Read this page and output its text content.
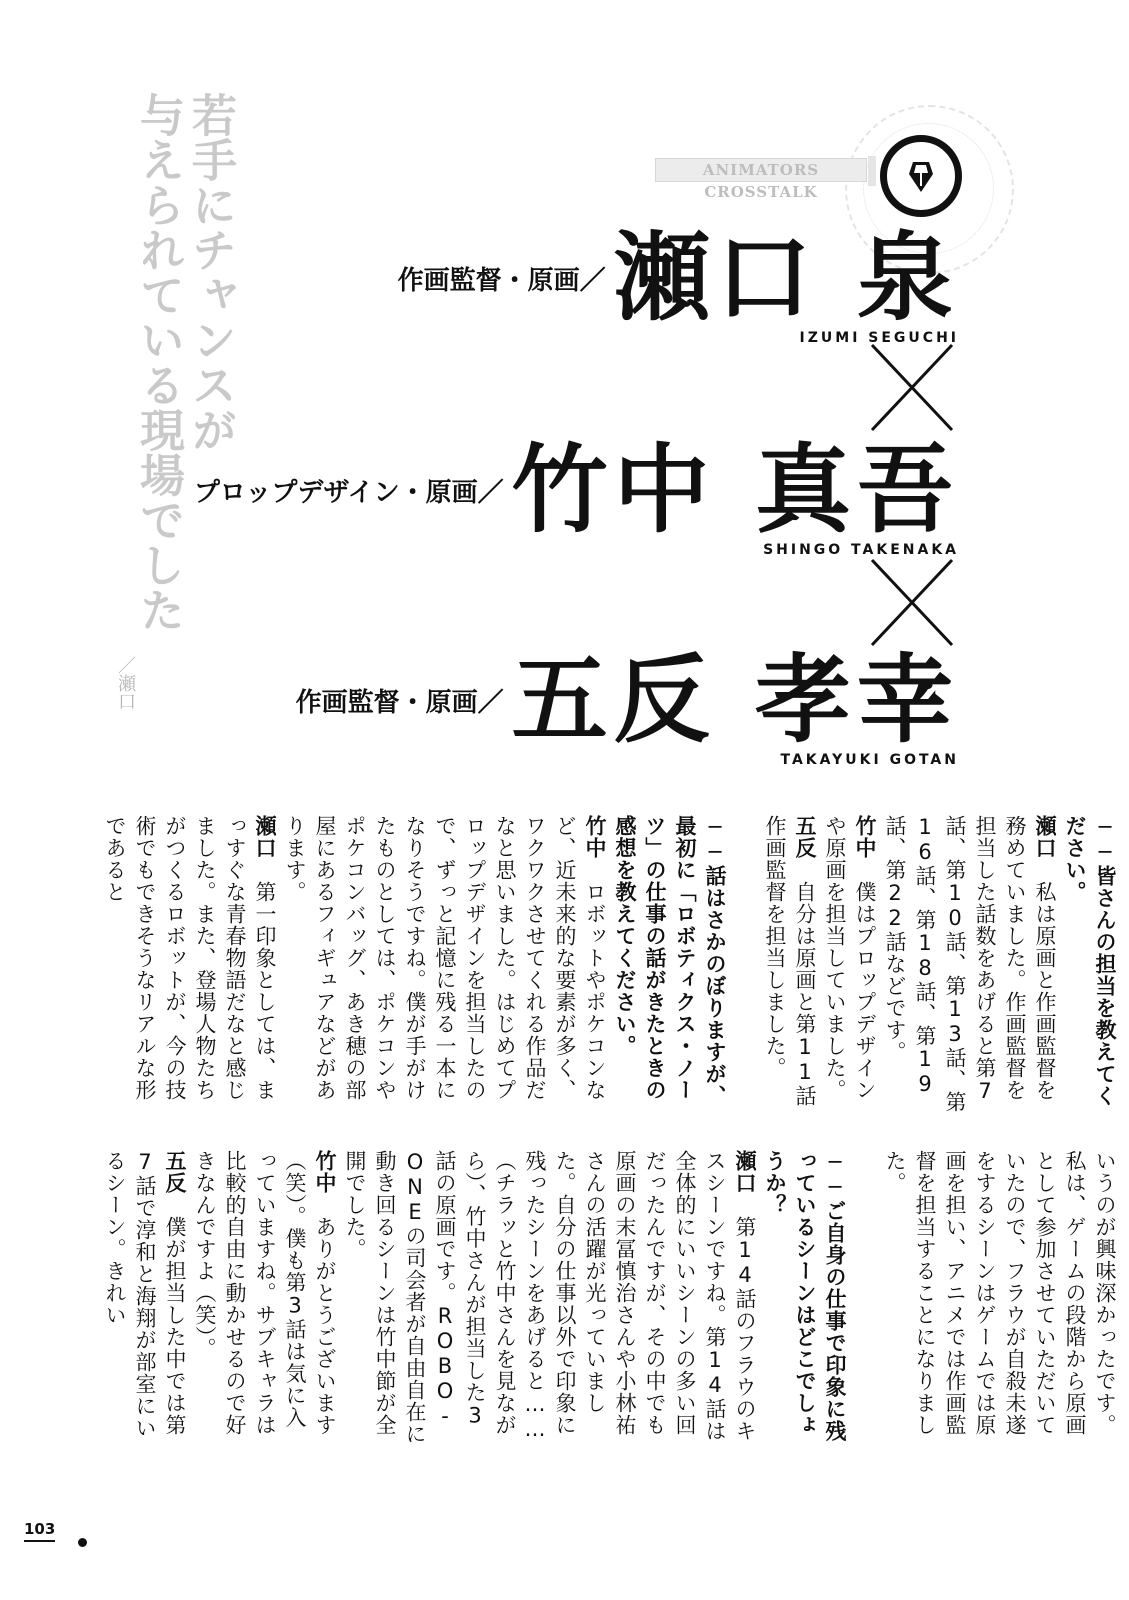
若手にチャンスが
与えられている現場でした
／瀬口
ANIMATORS CROSSTALK
作画監督・原画／瀬口 泉
IZUMI SEGUCHI
プロップデザイン・原画／竹中 真吾
SHINGO TAKENAKA
作画監督・原画／五反 孝幸
TAKAYUKI GOTAN
──皆さんの担当を教えてください。
瀬口　私は原画と作画監督を務めていました。作画監督を担当した話数をあげると第7話、第10話、第13話、第16話、第18話、第19話、第22話などです。
竹中　僕はプロップデザインや原画を担当していました。
五反　自分は原画と第11話作画監督を担当しました。
──話はさかのぼりますが、最初に「ロボティクス・ノーツ」の仕事の話がきたときの感想を教えてください。
竹中　ロボットやポケコンなど、近未来的な要素が多く、ワクワクさせてくれる作品だなと思いました。はじめてプロップデザインを担当したので、ずっと記憶に残る一本になりそうですね。僕が手がけたものとしては、ポケコンやポケコンバッグ、あき穂の部屋にあるフィギュアなどがあります。
瀬口　第一印象としては、まっすぐな青春物語だなと感じました。また、登場人物たちがつくるロボットが、今の技術でもできそうなリアルな形であると
いうのが興味深かったです。私は、ゲームの段階から原画として参加させていただいていたので、フラウが自殺未遂をするシーンはゲームでは原画を担い、アニメでは作画監督を担当することになりました。
──ご自身の仕事で印象に残っているシーンはどこでしょうか？
瀬口　第14話のフラウのキスシーンですね。第14話は全体的にいいシーンの多い回だったんですが、その中でも原画の末冨慎治さんや小林祐さんの活躍が光っていました。自分の仕事以外で印象に残ったシーンをあげると……（チラッと竹中さんを見ながら）、竹中さんが担当した3話の原画です。ROBO-ONEの司会者が自由自在に動き回るシーンは竹中節が全開でした。
竹中　ありがとうございます（笑）。僕も第3話は気に入っていますね。サブキャラは比較的自由に動かせるので好きなんですよ（笑）。
五反　僕が担当した中では第7話で淳和と海翔が部室にいるシーン。きれい
103
